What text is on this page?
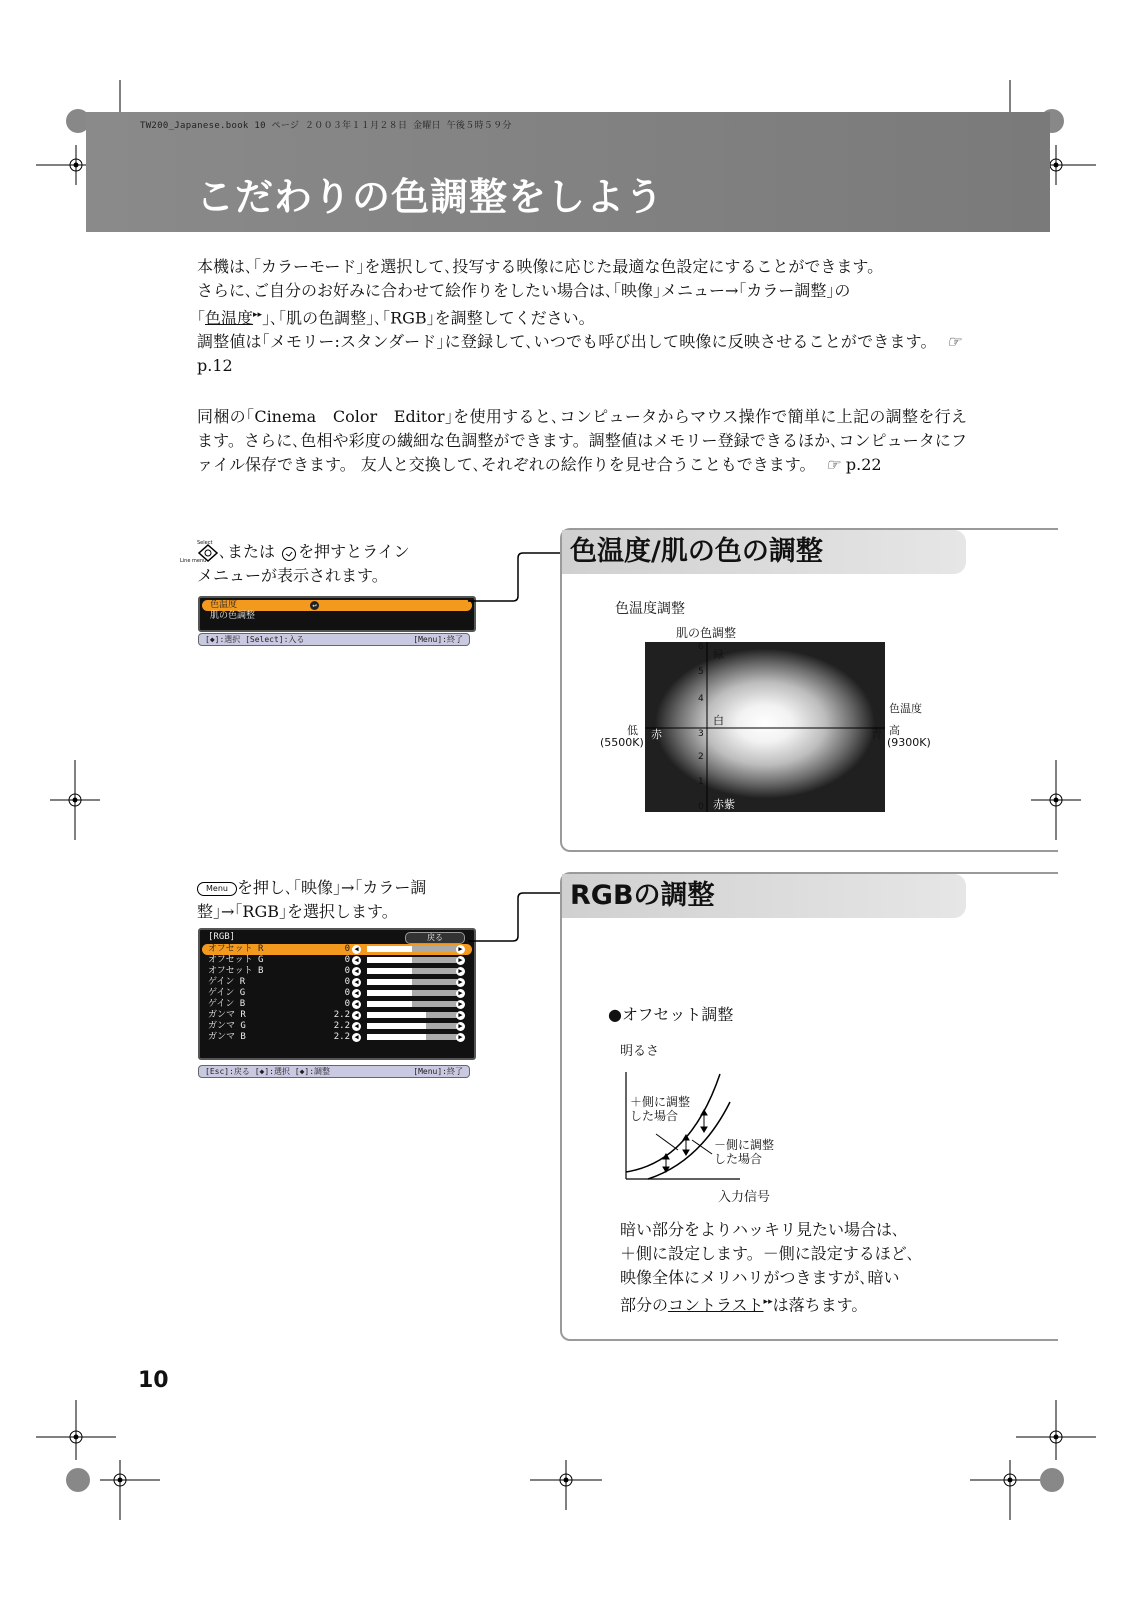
TW200_Japanese.book 10 ページ ２００３年１１月２８日 金曜日 午後５時５９分
こだわりの色調整をしよう
本機は､｢カラーモード｣を選択して､投写する映像に応じた最適な色設定にすることができます。
さらに､ご自分のお好みに合わせて絵作りをしたい場合は､｢映像｣メニュー→｢カラー調整｣の
｢色温度▸▸｣､｢肌の色調整｣､｢RGB｣を調整してください。
調整値は｢メモリー:スタンダード｣に登録して､いつでも呼び出して映像に反映させることができます。 ☞p.12
同梱の｢Cinema　Color　Editor｣を使用すると､コンピュータからマウス操作で簡単に上記の調整を行えます。さらに､色相や彩度の繊細な色調整ができます。調整値はメモリー登録できるほか､コンピュータにファイル保存できます。 友人と交換して､それぞれの絵作りを見せ合うこともできます。 ☞ p.22
､または を押すとライン
メニューが表示されます。
Select
Line menu
色温度	↵
肌の色調整
[◆]:選択 [Select]:入る	[Menu]:終了
色温度/肌の色の調整
色温度調整
肌の色調整
6
5
4
3
2
1
0
緑
白
赤	青
赤紫
低
(5500K)
色温度
高
(9300K)
Menu を押し､｢映像｣→｢カラー調
整｣→｢RGB｣を選択します。
[RGB]	戻る
オフセット R	0 ◀	▶
オフセット G	0 ◀	▶
オフセット B	0 ◀	▶
ゲイン R	0 ◀	▶
ゲイン G	0 ◀	▶
ゲイン B	0 ◀	▶
ガンマ R	2.2 ◀	▶
ガンマ G	2.2 ◀	▶
ガンマ B	2.2 ◀	▶
[Esc]:戻る [◆]:選択 [◆]:調整	[Menu]:終了
RGBの調整
●オフセット調整
明るさ
＋側に調整
した場合
－側に調整
した場合
入力信号
暗い部分をよりハッキリ見たい場合は､
＋側に設定します。－側に設定するほど､
映像全体にメリハリがつきますが､暗い
部分のコントラスト▸▸は落ちます。
10
